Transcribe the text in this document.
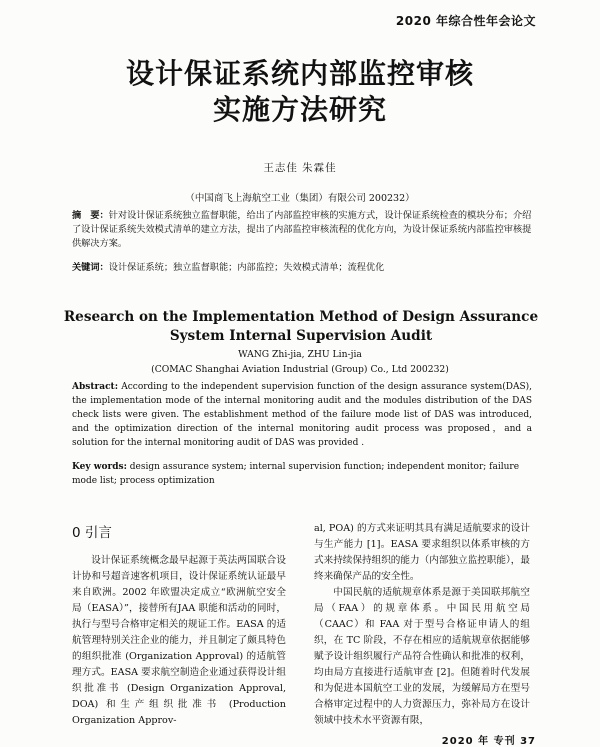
2020 年综合性年会论文
设计保证系统内部监控审核
实施方法研究
王志佳 朱霖佳
（中国商飞上海航空工业（集团）有限公司 200232）
摘　要：针对设计保证系统独立监督职能，给出了内部监控审核的实施方式，设计保证系统检查的模块分布；介绍了设计保证系统失效模式清单的建立方法，提出了内部监控审核流程的优化方向，为设计保证系统内部监控审核提供解决方案。
关键词：设计保证系统；独立监督职能；内部监控；失效模式清单；流程优化
Research on the Implementation Method of Design Assurance System Internal Supervision Audit
WANG Zhi-jia, ZHU Lin-jia
(COMAC Shanghai Aviation Industrial (Group) Co., Ltd 200232)
Abstract: According to the independent supervision function of the design assurance system(DAS), the implementation mode of the internal monitoring audit and the modules distribution of the DAS check lists were given. The establishment method of the failure mode list of DAS was introduced, and the optimization direction of the internal monitoring audit process was proposed，and a solution for the internal monitoring audit of DAS was provided .
Key words: design assurance system; internal supervision function; independent monitor; failure mode list; process optimization
0 引言

设计保证系统概念最早起源于英法两国联合设计协和号超音速客机项目，设计保证系统认证最早来自欧洲。2002 年欧盟决定成立“欧洲航空安全局（EASA）”，接替所有JAA 职能和活动的同时，执行与型号合格审定相关的规证工作。EASA 的适航管理特别关注企业的能力，并且制定了颇具特色的组织批准 (Organization Approval) 的适航管理方式。EASA 要求航空制造企业通过获得设计组织批准书 (Design Organization Approval, DOA) 和生产组织批准书 (Production Organization Approv-

al, POA) 的方式来证明其具有满足适航要求的设计与生产能力 [1]。EASA 要求组织以体系审核的方式来持续保持组织的能力（内部独立监控职能），最终来确保产品的安全性。

中国民航的适航规章体系是源于美国联邦航空局（FAA）的规章体系。中国民用航空局（CAAC）和 FAA 对于型号合格证申请人的组织，在 TC 阶段，不存在相应的适航规章依据能够赋予设计组织履行产品符合性确认和批准的权利，均由局方直接进行适航审查 [2]。但随着时代发展和为促进本国航空工业的发展，为缓解局方在型号合格审定过程中的人力资源压力，弥补局方在设计领域中技术水平资源有限，

2020 年 专刊 37
